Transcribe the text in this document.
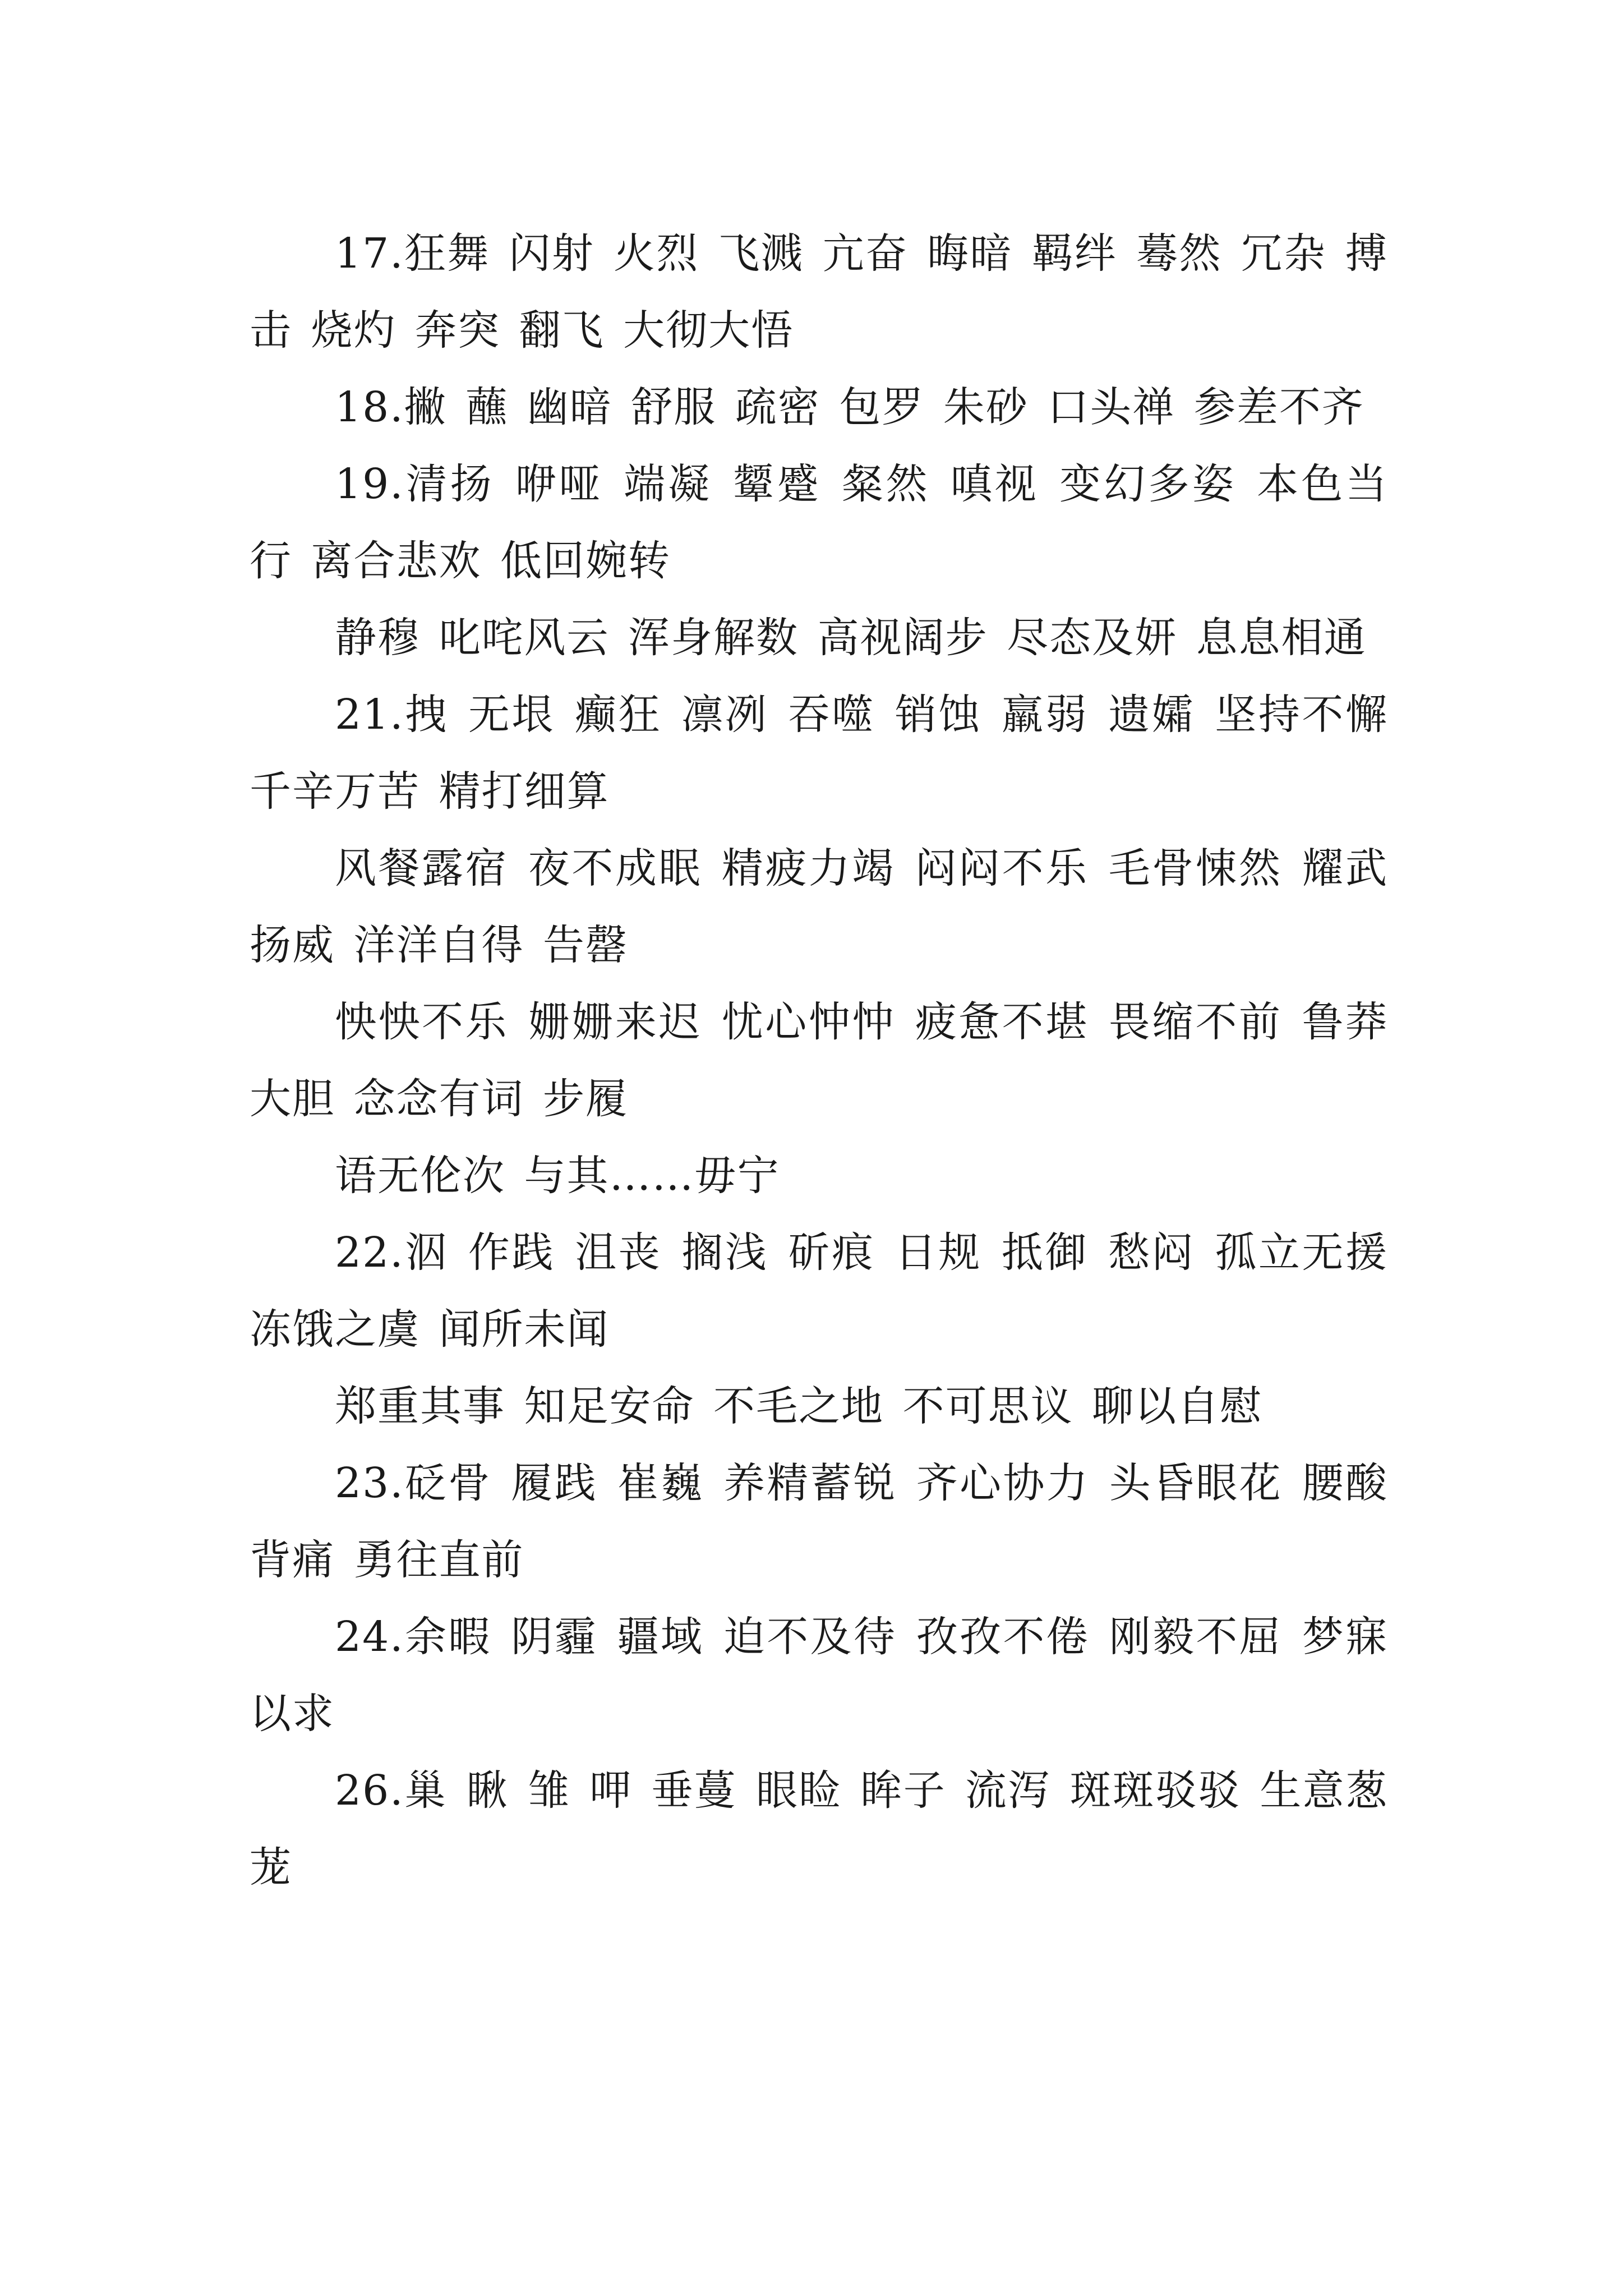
17.狂舞 闪射 火烈 飞溅 亢奋 晦暗 羁绊 蓦然 冗杂 搏击 烧灼 奔突 翻飞 大彻大悟

18.撇 蘸 幽暗 舒服 疏密 包罗 朱砂 口头禅 参差不齐

19.清扬 咿哑 端凝 颦蹙 粲然 嗔视 变幻多姿 本色当行 离合悲欢 低回婉转

静穆 叱咤风云 浑身解数 高视阔步 尽态及妍 息息相通

21.拽 无垠 癫狂 凛冽 吞噬 销蚀 羸弱 遗孀 坚持不懈 千辛万苦 精打细算

风餐露宿 夜不成眠 精疲力竭 闷闷不乐 毛骨悚然 耀武扬威 洋洋自得 告罄

怏怏不乐 姗姗来迟 忧心忡忡 疲惫不堪 畏缩不前 鲁莽大胆 念念有词 步履

语无伦次 与其……毋宁

22.泅 作践 沮丧 搁浅 斫痕 日规 抵御 愁闷 孤立无援 冻饿之虞 闻所未闻

郑重其事 知足安命 不毛之地 不可思议 聊以自慰

23.砭骨 履践 崔巍 养精蓄锐 齐心协力 头昏眼花 腰酸背痛 勇往直前

24.余暇 阴霾 疆域 迫不及待 孜孜不倦 刚毅不屈 梦寐以求

26.巢 瞅 雏 呷 垂蔓 眼睑 眸子 流泻 斑斑驳驳 生意葱茏
